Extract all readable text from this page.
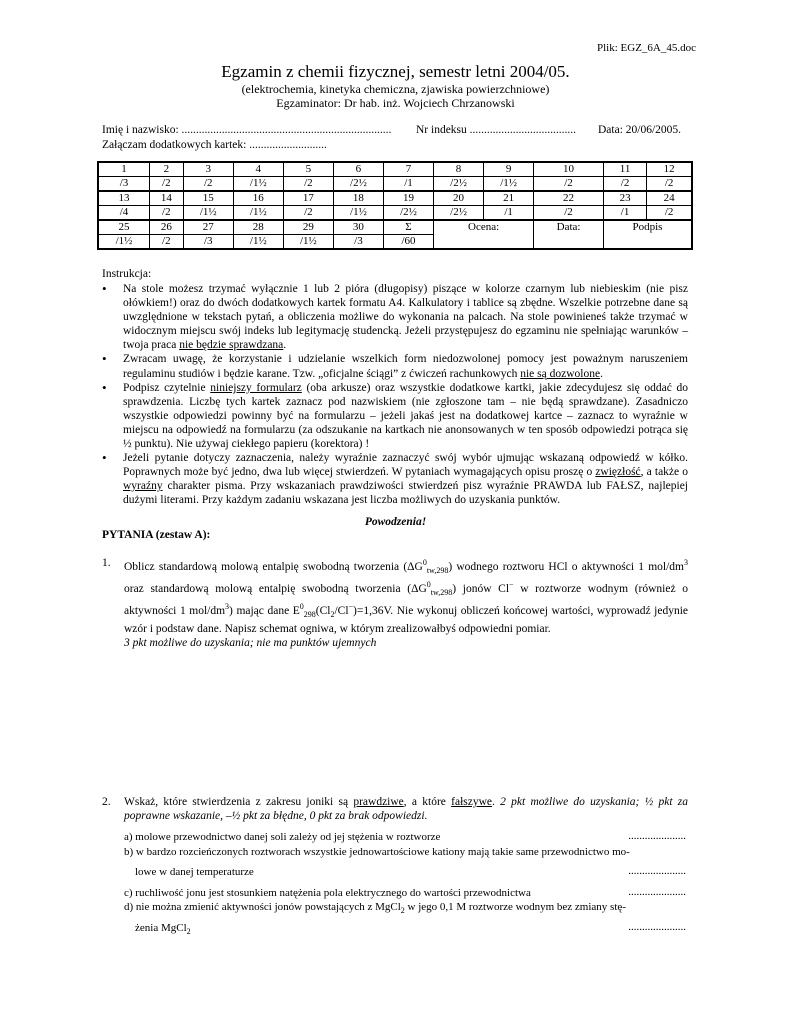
Plik: EGZ_6A_45.doc
Egzamin z chemii fizycznej, semestr letni 2004/05.
(elektrochemia, kinetyka chemiczna, zjawiska powierzchniowe)
Egzaminator: Dr hab. inż. Wojciech Chrzanowski
Imię i nazwisko: ......................................................................... Nr indeksu ..................................... Data: 20/06/2005.
Załączam dodatkowych kartek: ...........................
1	2	3	4	5	6	7	8	9	10	11	12
/3	/2	/2	/1½	/2	/2½	/1	/2½	/1½	/2	/2	/2
13	14	15	16	17	18	19	20	21	22	23	24
/4	/2	/1½	/1½	/2	/1½	/2½	/2½	/1	/2	/1	/2
25	26	27	28	29	30	Σ	Ocena:		Data:	Podpis	
/1½	/2	/3	/1½	/1½	/3	/60					
Instrukcja:
• Na stole możesz trzymać wyłącznie 1 lub 2 pióra (długopisy) piszące w kolorze czarnym lub niebieskim (nie pisz ołówkiem!) oraz do dwóch dodatkowych kartek formatu A4. Kalkulatory i tablice są zbędne. Wszelkie potrzebne dane są uwzględnione w tekstach pytań, a obliczenia możliwe do wykonania na palcach. Na stole powinieneś także trzymać w widocznym miejscu swój indeks lub legitymację studencką. Jeżeli przystępujesz do egzaminu nie spełniając warunków – twoja praca nie będzie sprawdzana.
• Zwracam uwagę, że korzystanie i udzielanie wszelkich form niedozwolonej pomocy jest poważnym naruszeniem regulaminu studiów i będzie karane. Tzw. „oficjalne ściągi” z ćwiczeń rachunkowych nie są dozwolone.
• Podpisz czytelnie niniejszy formularz (oba arkusze) oraz wszystkie dodatkowe kartki, jakie zdecydujesz się oddać do sprawdzenia. Liczbę tych kartek zaznacz pod nazwiskiem (nie zgłoszone tam – nie będą sprawdzane). Zasadniczo wszystkie odpowiedzi powinny być na formularzu – jeżeli jakaś jest na dodatkowej kartce – zaznacz to wyraźnie w miejscu na odpowiedź na formularzu (za odszukanie na kartkach nie anonsowanych w ten sposób odpowiedzi potrąca się ½ punktu). Nie używaj ciekłego papieru (korektora) !
• Jeżeli pytanie dotyczy zaznaczenia, należy wyraźnie zaznaczyć swój wybór ujmując wskazaną odpowiedź w kółko. Poprawnych może być jedno, dwa lub więcej stwierdzeń. W pytaniach wymagających opisu proszę o zwięzłość, a także o wyraźny charakter pisma. Przy wskazaniach prawdziwości stwierdzeń pisz wyraźnie PRAWDA lub FAŁSZ, najlepiej dużymi literami. Przy każdym zadaniu wskazana jest liczba możliwych do uzyskania punktów.
Powodzenia!
PYTANIA (zestaw A):
1. Oblicz standardową molową entalpię swobodną tworzenia $(\Delta G^0_{tw,298})$ wodnego roztworu HCl o aktywności 1 mol/$dm^3$ oraz standardową molową entalpię swobodną tworzenia $(\Delta G^0_{tw,298})$ jonów Cl− w roztworze wodnym (również o aktywności 1 mol/$dm^3$) mając dane $E^0_{298}(Cl_2/Cl^-)=1,36V$. Nie wykonuj obliczeń końcowej wartości, wyprowadź jedynie wzór i podstaw dane. Napisz schemat ogniwa, w którym zrealizowałbyś odpowiedni pomiar.
3 pkt możliwe do uzyskania; nie ma punktów ujemnych
2. Wskaż, które stwierdzenia z zakresu joniki są prawdziwe, a które fałszywe. 2 pkt możliwe do uzyskania; ½ pkt za poprawne wskazanie, –½ pkt za błędne, 0 pkt za brak odpowiedzi.
a) molowe przewodnictwo danej soli zależy od jej stężenia w roztworze	.....................
b) w bardzo rozcieńczonych roztworach wszystkie jednowartościowe kationy mają takie same przewodnictwo mo-
lowe w danej temperaturze	.....................
c) ruchliwość jonu jest stosunkiem natężenia pola elektrycznego do wartości przewodnictwa	.....................
d) nie można zmienić aktywności jonów powstających z MgCl$_2$ w jego 0,1 M roztworze wodnym bez zmiany stę-
żenia MgCl$_2$	.....................
